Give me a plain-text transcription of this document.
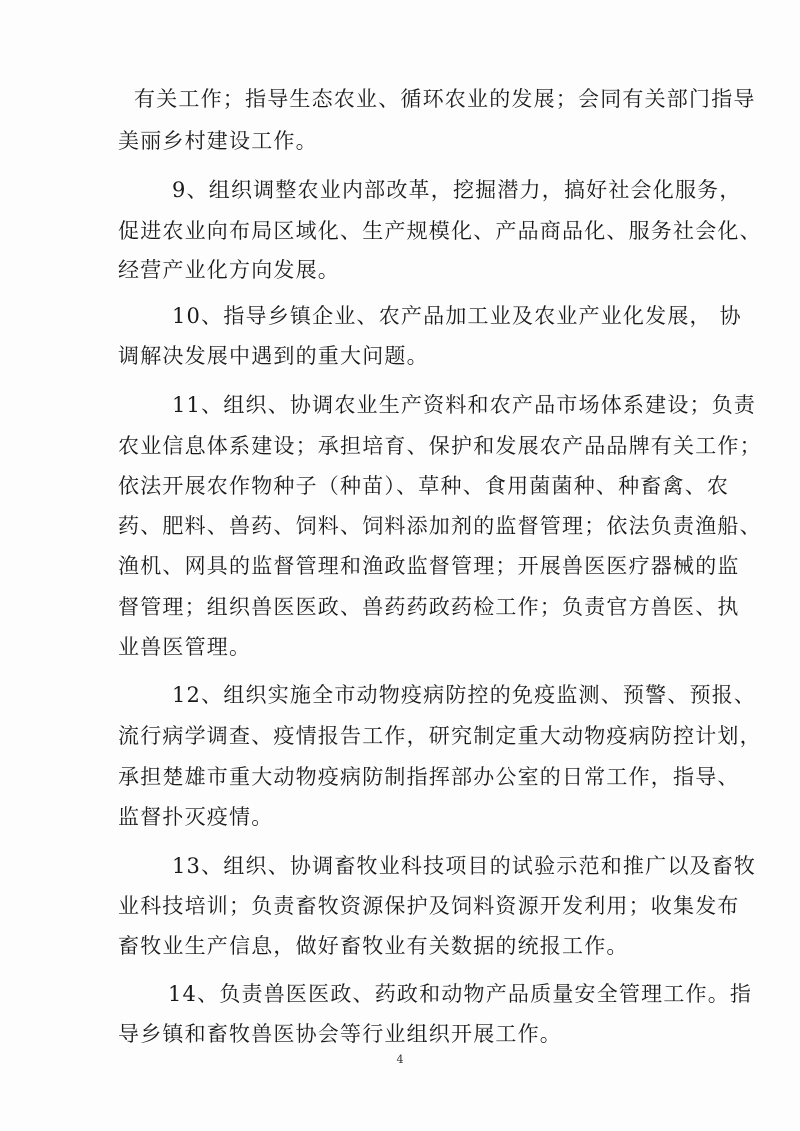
有关工作；指导生态农业、循环农业的发展；会同有关部门指导
美丽乡村建设工作。
9、组织调整农业内部改革，挖掘潜力，搞好社会化服务，
促进农业向布局区域化、生产规模化、产品商品化、服务社会化、
经营产业化方向发展。
10、指导乡镇企业、农产品加工业及农业产业化发展， 协
调解决发展中遇到的重大问题。
11、组织、协调农业生产资料和农产品市场体系建设；负责
农业信息体系建设；承担培育、保护和发展农产品品牌有关工作；
依法开展农作物种子（种苗）、草种、食用菌菌种、种畜禽、农
药、肥料、兽药、饲料、饲料添加剂的监督管理；依法负责渔船、
渔机、网具的监督管理和渔政监督管理；开展兽医医疗器械的监
督管理；组织兽医医政、兽药药政药检工作；负责官方兽医、执
业兽医管理。
12、组织实施全市动物疫病防控的免疫监测、预警、预报、
流行病学调查、疫情报告工作，研究制定重大动物疫病防控计划，
承担楚雄市重大动物疫病防制指挥部办公室的日常工作，指导、
监督扑灭疫情。
13、组织、协调畜牧业科技项目的试验示范和推广以及畜牧
业科技培训；负责畜牧资源保护及饲料资源开发利用；收集发布
畜牧业生产信息，做好畜牧业有关数据的统报工作。
14、负责兽医医政、药政和动物产品质量安全管理工作。指
导乡镇和畜牧兽医协会等行业组织开展工作。
4
